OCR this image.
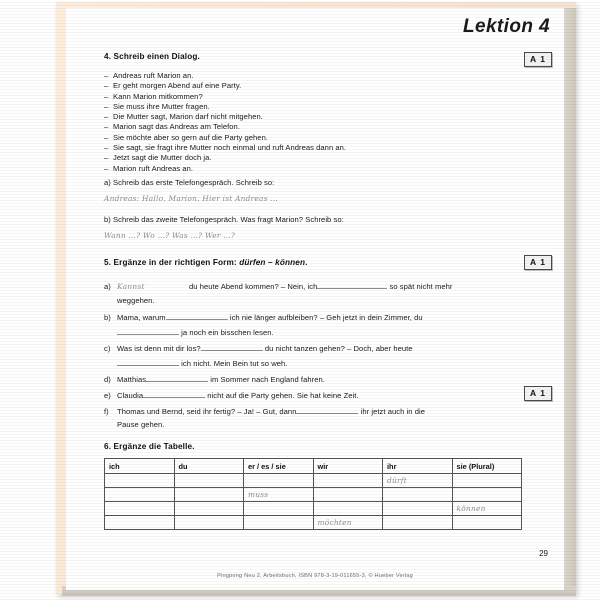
Lektion 4
A 1
A 1
A 1
4. Schreib einen Dialog.
– Andreas ruft Marion an.
– Er geht morgen Abend auf eine Party.
– Kann Marion mitkommen?
– Sie muss ihre Mutter fragen.
– Die Mutter sagt, Marion darf nicht mitgehen.
– Marion sagt das Andreas am Telefon.
– Sie möchte aber so gern auf die Party gehen.
– Sie sagt, sie fragt ihre Mutter noch einmal und ruft Andreas dann an.
– Jetzt sagt die Mutter doch ja.
– Marion ruft Andreas an.
a) Schreib das erste Telefongespräch. Schreib so:
Andreas: Hallo, Marion. Hier ist Andreas …
b) Schreib das zweite Telefongespräch. Was fragt Marion? Schreib so:
Wann …? Wo …? Was …? Wer …?
5. Ergänze in der richtigen Form: dürfen – können.
a) Kannst	du heute Abend kommen? – Nein, ich	so spät nicht mehr
weggehen.
b) Mama, warum	ich nie länger aufbleiben? – Geh jetzt in dein Zimmer, du
ja noch ein bisschen lesen.
c) Was ist denn mit dir los?	du nicht tanzen gehen? – Doch, aber heute
ich nicht. Mein Bein tut so weh.
d) Matthias	im Sommer nach England fahren.
e) Claudia	nicht auf die Party gehen. Sie hat keine Zeit.
f) Thomas und Bernd, seid ihr fertig? – Ja! – Gut, dann	ihr jetzt auch in die
Pause gehen.
6. Ergänze die Tabelle.
ich	du	er / es / sie	wir	ihr	sie (Plural)
				dürft	
		muss			
					können
			möchten		
29
Pingpong Neu 2, Arbeitsbuch, ISBN 978-3-19-011655-3, © Hueber Verlag
